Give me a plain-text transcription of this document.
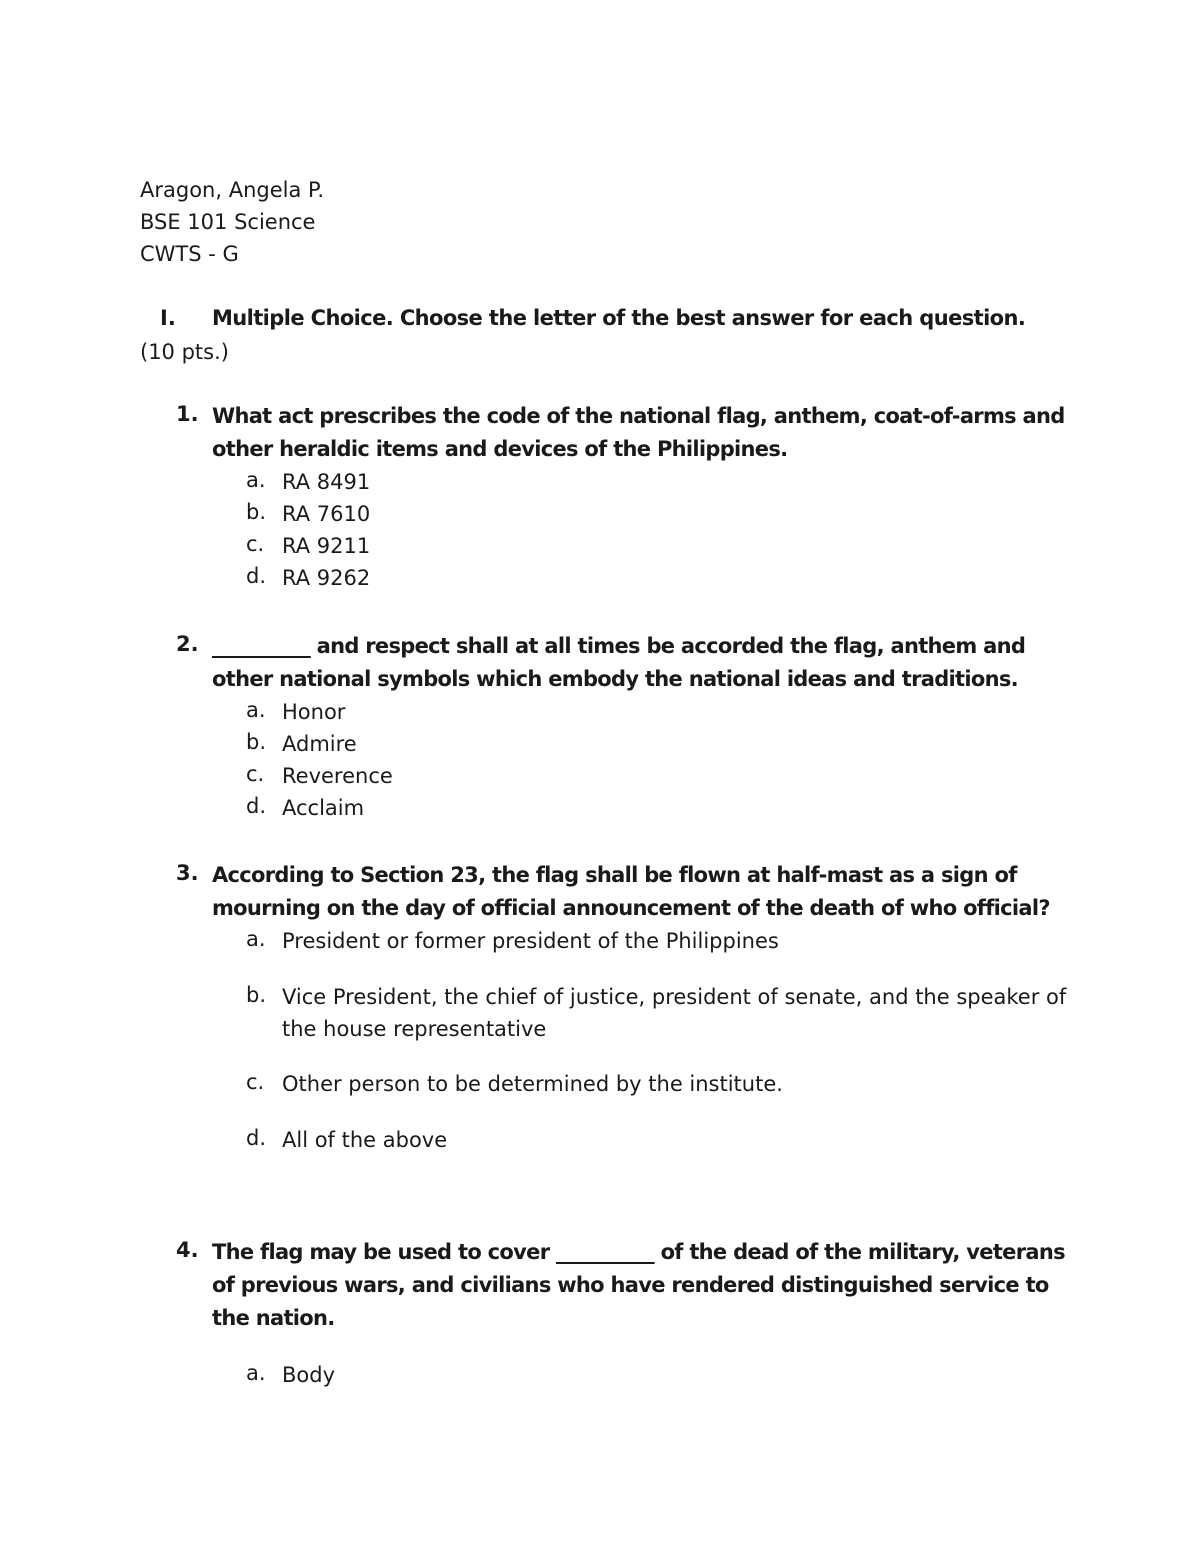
Aragon, Angela P.
BSE 101 Science
CWTS - G
I. Multiple Choice. Choose the letter of the best answer for each question.
(10 pts.)
1. What act prescribes the code of the national flag, anthem, coat-of-arms and other heraldic items and devices of the Philippines.
a. RA 8491
b. RA 7610
c. RA 9211
d. RA 9262
2. __________ and respect shall at all times be accorded the flag, anthem and other national symbols which embody the national ideas and traditions.
a. Honor
b. Admire
c. Reverence
d. Acclaim
3. According to Section 23, the flag shall be flown at half-mast as a sign of mourning on the day of official announcement of the death of who official?
a. President or former president of the Philippines
b. Vice President, the chief of justice, president of senate, and the speaker of the house representative
c. Other person to be determined by the institute.
d. All of the above
4. The flag may be used to cover __________ of the dead of the military, veterans of previous wars, and civilians who have rendered distinguished service to the nation.
a. Body
